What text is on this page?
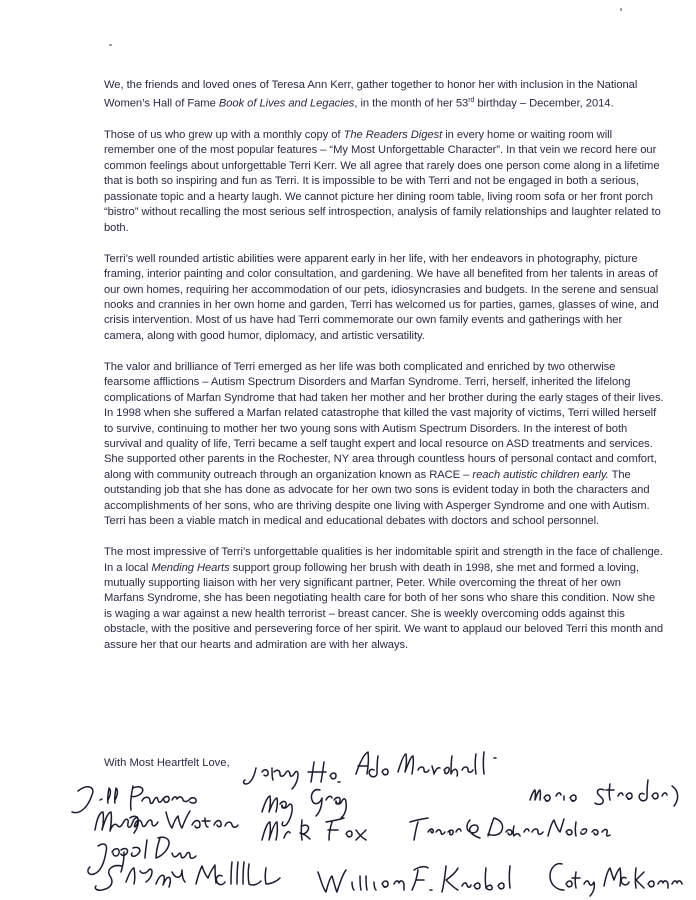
We, the friends and loved ones of Teresa Ann Kerr, gather together to honor her with inclusion in the National Women’s Hall of Fame Book of Lives and Legacies, in the month of her 53rd birthday – December, 2014.

Those of us who grew up with a monthly copy of The Readers Digest in every home or waiting room will remember one of the most popular features – “My Most Unforgettable Character”. In that vein we record here our common feelings about unforgettable Terri Kerr. We all agree that rarely does one person come along in a lifetime that is both so inspiring and fun as Terri. It is impossible to be with Terri and not be engaged in both a serious, passionate topic and a hearty laugh. We cannot picture her dining room table, living room sofa or her front porch “bistro” without recalling the most serious self introspection, analysis of family relationships and laughter related to both.

Terri’s well rounded artistic abilities were apparent early in her life, with her endeavors in photography, picture framing, interior painting and color consultation, and gardening. We have all benefited from her talents in areas of our own homes, requiring her accommodation of our pets, idiosyncrasies and budgets. In the serene and sensual nooks and crannies in her own home and garden, Terri has welcomed us for parties, games, glasses of wine, and crisis intervention. Most of us have had Terri commemorate our own family events and gatherings with her camera, along with good humor, diplomacy, and artistic versatility.

The valor and brilliance of Terri emerged as her life was both complicated and enriched by two otherwise fearsome afflictions – Autism Spectrum Disorders and Marfan Syndrome. Terri, herself, inherited the lifelong complications of Marfan Syndrome that had taken her mother and her brother during the early stages of their lives. In 1998 when she suffered a Marfan related catastrophe that killed the vast majority of victims, Terri willed herself to survive, continuing to mother her two young sons with Autism Spectrum Disorders. In the interest of both survival and quality of life, Terri became a self taught expert and local resource on ASD treatments and services. She supported other parents in the Rochester, NY area through countless hours of personal contact and comfort, along with community outreach through an organization known as RACE – reach autistic children early. The outstanding job that she has done as advocate for her own two sons is evident today in both the characters and accomplishments of her sons, who are thriving despite one living with Asperger Syndrome and one with Autism. Terri has been a viable match in medical and educational debates with doctors and school personnel.

The most impressive of Terri’s unforgettable qualities is her indomitable spirit and strength in the face of challenge. In a local Mending Hearts support group following her brush with death in 1998, she met and formed a loving, mutually supporting liaison with her very significant partner, Peter. While overcoming the threat of her own Marfans Syndrome, she has been negotiating health care for both of her sons who share this condition. Now she is waging a war against a new health terrorist – breast cancer. She is weekly overcoming odds against this obstacle, with the positive and persevering force of her spirit. We want to applaud our beloved Terri this month and assure her that our hearts and admiration are with her always.

With Most Heartfelt Love,
